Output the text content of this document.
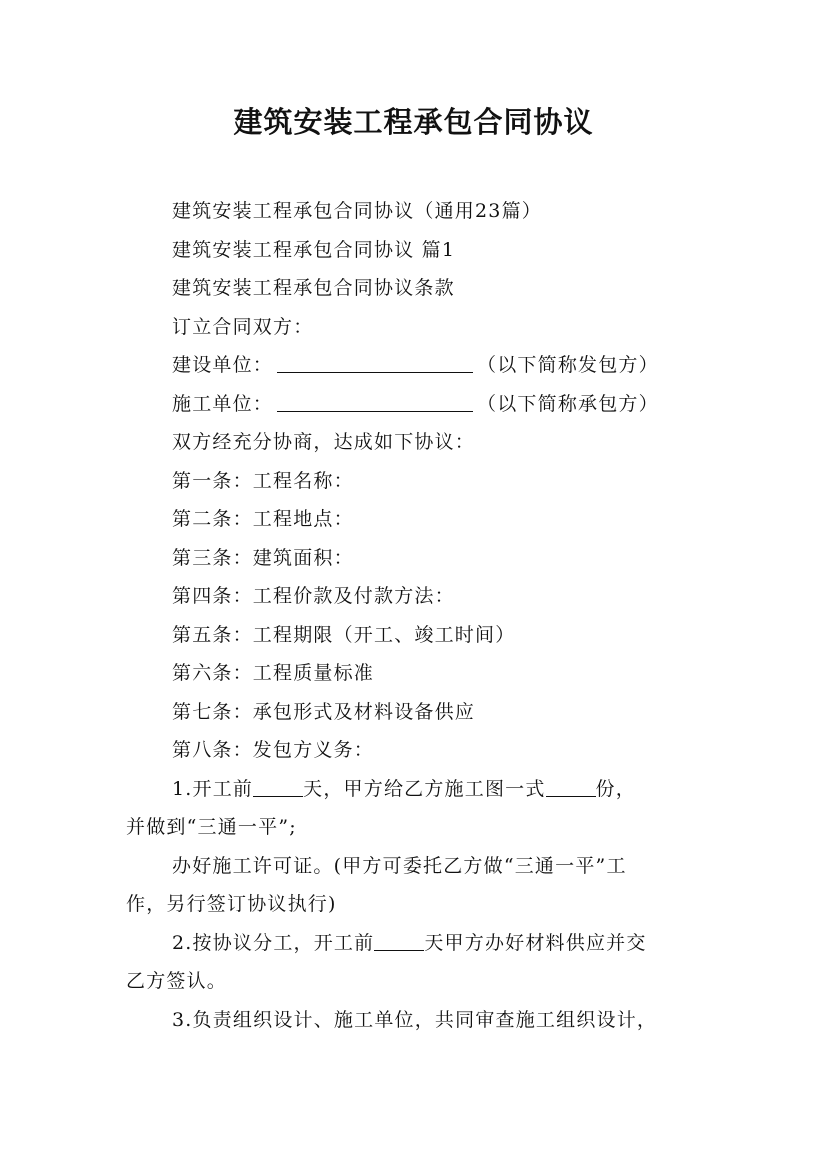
建筑安装工程承包合同协议

建筑安装工程承包合同协议（通用23篇）

建筑安装工程承包合同协议 篇1

建筑安装工程承包合同协议条款

订立合同双方：

建设单位：	（以下简称发包方）

施工单位：	（以下简称承包方）

双方经充分协商，达成如下协议：

第一条：工程名称：

第二条：工程地点：

第三条：建筑面积：

第四条：工程价款及付款方法：

第五条：工程期限（开工、竣工时间）

第六条：工程质量标准

第七条：承包形式及材料设备供应

第八条：发包方义务：

1.开工前	天，甲方给乙方施工图一式	份，

并做到“三通一平”;

办好施工许可证。(甲方可委托乙方做“三通一平”工

作，另行签订协议执行)

2.按协议分工，开工前	天甲方办好材料供应并交

乙方签认。

3.负责组织设计、施工单位，共同审查施工组织设计，
